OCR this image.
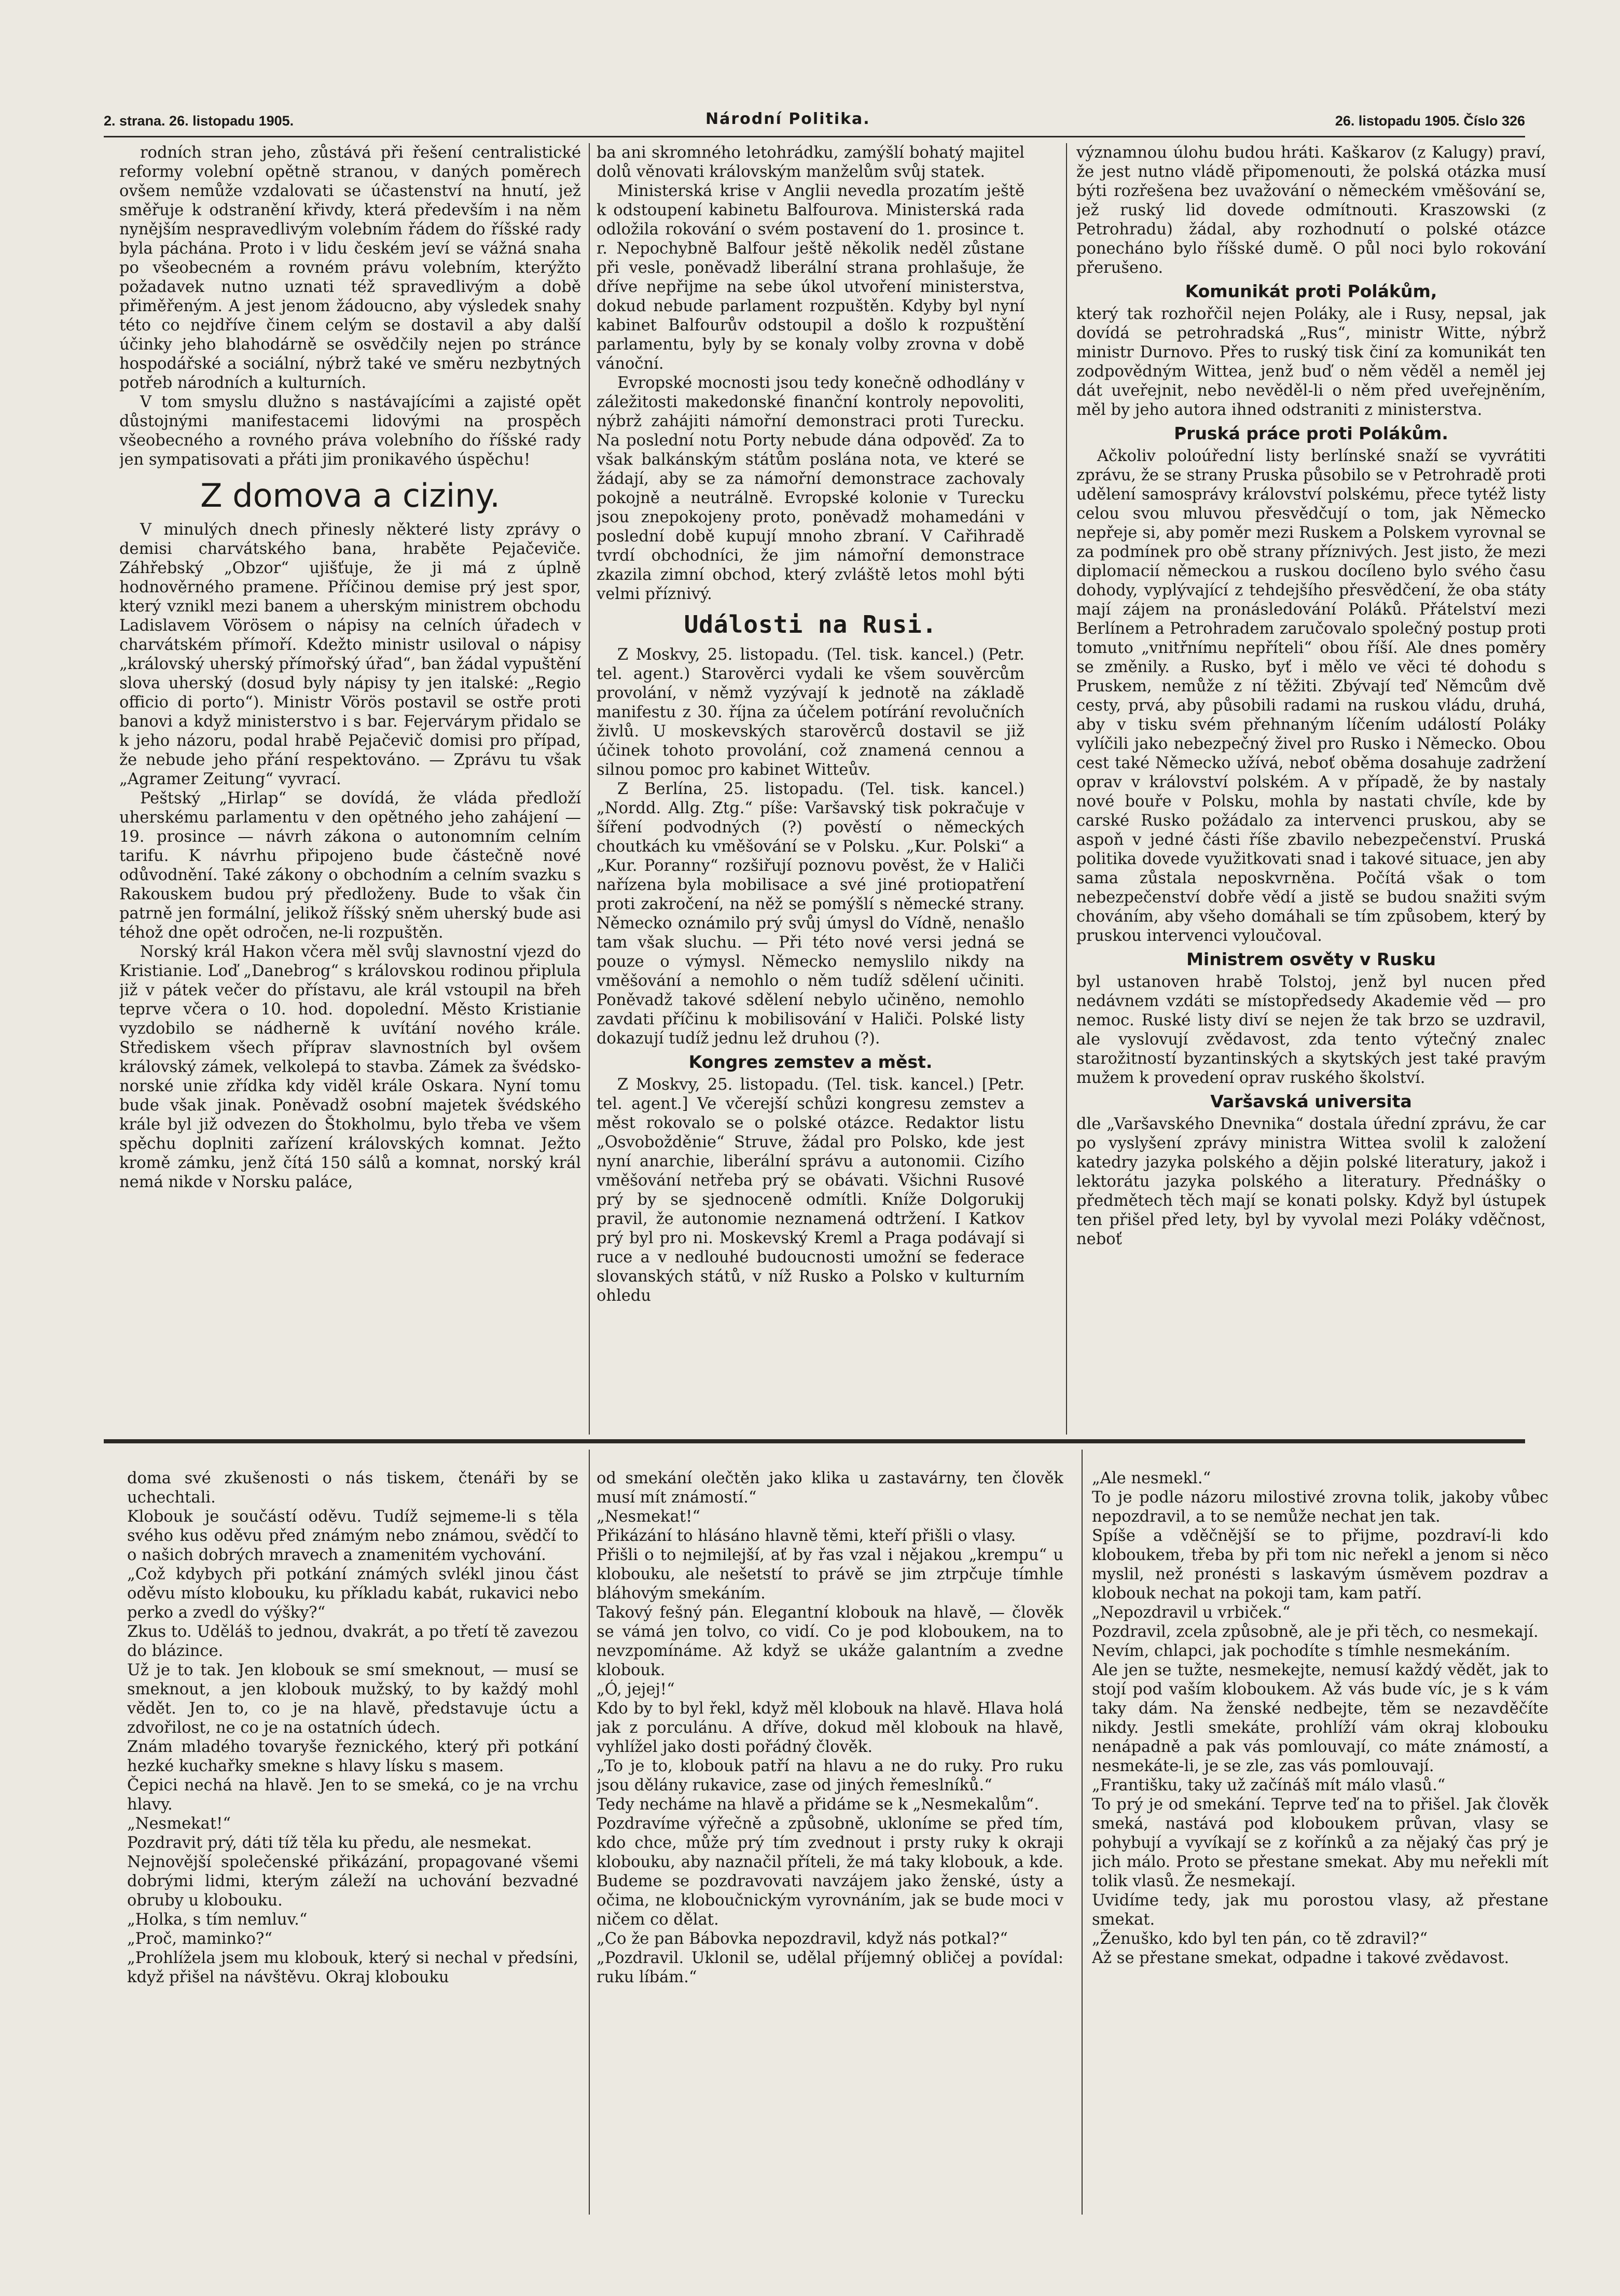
2. strana. 26. listopadu 1905.	Národní Politika.	26. listopadu 1905. Číslo 326

rodních stran jeho, zůstává při řešení centralistické reformy volební opětně stranou, v daných poměrech ovšem nemůže vzdalovati se účastenství na hnutí, jež směřuje k odstranění křivdy, která především i na něm nynějším nespravedlivým volebním řádem do říšské rady byla páchána. Proto i v lidu českém jeví se vážná snaha po všeobecném a rovném právu volebním, kterýžto požadavek nutno uznati též spravedlivým a době přiměřeným. A jest jenom žádoucno, aby výsledek snahy této co nejdříve činem celým se dostavil a aby další účinky jeho blahodárně se osvědčily nejen po stránce hospodářské a sociální, nýbrž také ve směru nezbytných potřeb národních a kulturních.

V tom smyslu dlužno s nastávajícími a zajisté opět důstojnými manifestacemi lidovými na prospěch všeobecného a rovného práva volebního do říšské rady jen sympatisovati a přáti jim pronikavého úspěchu!

Z domova a ciziny.

V minulých dnech přinesly některé listy zprávy o demisi charvátského bana, hraběte Pejačeviče. Záhřebský „Obzor“ ujišťuje, že ji má z úplně hodnověrného pramene. Příčinou demise prý jest spor, který vznikl mezi banem a uherským ministrem obchodu Ladislavem Vörösem o nápisy na celních úřadech v charvátském přímoří. Kdežto ministr usiloval o nápisy „královský uherský přímořský úřad“, ban žádal vypuštění slova uherský (dosud byly nápisy ty jen italské: „Regio officio di porto“). Ministr Vörös postavil se ostře proti banovi a když ministerstvo i s bar. Fejervárym přidalo se k jeho názoru, podal hrabě Pejačevič domisi pro případ, že nebude jeho přání respektováno. — Zprávu tu však „Agramer Zeitung“ vyvrací.

Peštský „Hirlap“ se dovídá, že vláda předloží uherskému parlamentu v den opětného jeho zahájení — 19. prosince — návrh zákona o autonomním celním tarifu. K návrhu připojeno bude částečně nové odůvodnění. Také zákony o obchodním a celním svazku s Rakouskem budou prý předloženy. Bude to však čin patrně jen formální, jelikož říšský sněm uherský bude asi téhož dne opět odročen, ne-li rozpuštěn.

Norský král Hakon včera měl svůj slavnostní vjezd do Kristianie. Loď „Danebrog“ s královskou rodinou připlula již v pátek večer do přístavu, ale král vstoupil na břeh teprve včera o 10. hod. dopolední. Město Kristianie vyzdobilo se nádherně k uvítání nového krále. Střediskem všech příprav slavnostních byl ovšem královský zámek, velkolepá to stavba. Zámek za švédsko-norské unie zřídka kdy viděl krále Oskara. Nyní tomu bude však jinak. Poněvadž osobní majetek švédského krále byl již odvezen do Štokholmu, bylo třeba ve všem spěchu doplniti zařízení královských komnat. Ježto kromě zámku, jenž čítá 150 sálů a komnat, norský král nemá nikde v Norsku paláce,

ba ani skromného letohrádku, zamýšlí bohatý majitel dolů věnovati královským manželům svůj statek.

Ministerská krise v Anglii nevedla prozatím ještě k odstoupení kabinetu Balfourova. Ministerská rada odložila rokování o svém postavení do 1. prosince t. r. Nepochybně Balfour ještě několik neděl zůstane při vesle, poněvadž liberální strana prohlašuje, že dříve nepřijme na sebe úkol utvoření ministerstva, dokud nebude parlament rozpuštěn. Kdyby byl nyní kabinet Balfourův odstoupil a došlo k rozpuštění parlamentu, byly by se konaly volby zrovna v době vánoční.

Evropské mocnosti jsou tedy konečně odhodlány v záležitosti makedonské finanční kontroly nepovoliti, nýbrž zahájiti námořní demonstraci proti Turecku. Na poslední notu Porty nebude dána odpověď. Za to však balkánským státům poslána nota, ve které se žádají, aby se za námořní demonstrace zachovaly pokojně a neutrálně. Evropské kolonie v Turecku jsou znepokojeny proto, poněvadž mohamedáni v poslední době kupují mnoho zbraní. V Cařihradě tvrdí obchodníci, že jim námořní demonstrace zkazila zimní obchod, který zvláště letos mohl býti velmi příznivý.

Události na Rusi.

Z Moskvy, 25. listopadu. (Tel. tisk. kancel.) (Petr. tel. agent.) Starověrci vydali ke všem souvěrcům provolání, v němž vyzývají k jednotě na základě manifestu z 30. října za účelem potírání revolučních živlů. U moskevských starověrců dostavil se již účinek tohoto provolání, což znamená cennou a silnou pomoc pro kabinet Witteův.

Z Berlína, 25. listopadu. (Tel. tisk. kancel.) „Nordd. Allg. Ztg.“ píše: Varšavský tisk pokračuje v šíření podvodných (?) pověstí o německých choutkách ku vměšování se v Polsku. „Kur. Polski“ a „Kur. Poranny“ rozšiřují poznovu pověst, že v Haliči nařízena byla mobilisace a své jiné protiopatření proti zakročení, na něž se pomýšlí s německé strany. Německo oznámilo prý svůj úmysl do Vídně, nenašlo tam však sluchu. — Při této nové versi jedná se pouze o výmysl. Německo nemyslilo nikdy na vměšování a nemohlo o něm tudíž sdělení učiniti. Poněvadž takové sdělení nebylo učiněno, nemohlo zavdati příčinu k mobilisování v Haliči. Polské listy dokazují tudíž jednu lež druhou (?).

Kongres zemstev a měst.

Z Moskvy, 25. listopadu. (Tel. tisk. kancel.) [Petr. tel. agent.] Ve včerejší schůzi kongresu zemstev a měst rokovalo se o polské otázce. Redaktor listu „Osvobožděnie“ Struve, žádal pro Polsko, kde jest nyní anarchie, liberální správu a autonomii. Cizího vměšování netřeba prý se obávati. Všichni Rusové prý by se sjednoceně odmítli. Kníže Dolgorukij pravil, že autonomie neznamená odtržení. I Katkov prý byl pro ni. Moskevský Kreml a Praga podávají si ruce a v nedlouhé budoucnosti umožní se federace slovanských států, v níž Rusko a Polsko v kulturním ohledu

významnou úlohu budou hráti. Kaškarov (z Kalugy) praví, že jest nutno vládě připomenouti, že polská otázka musí býti rozřešena bez uvažování o německém vměšování se, jež ruský lid dovede odmítnouti. Kraszowski (z Petrohradu) žádal, aby rozhodnutí o polské otázce ponecháno bylo říšské dumě. O půl noci bylo rokování přerušeno.

Komunikát proti Polákům,

který tak rozhořčil nejen Poláky, ale i Rusy, nepsal, jak dovídá se petrohradská „Rus“, ministr Witte, nýbrž ministr Durnovo. Přes to ruský tisk činí za komunikát ten zodpovědným Wittea, jenž buď o něm věděl a neměl jej dát uveřejnit, nebo nevěděl-li o něm před uveřejněním, měl by jeho autora ihned odstraniti z ministerstva.

Pruská práce proti Polákům.

Ačkoliv poloúřední listy berlínské snaží se vyvrátiti zprávu, že se strany Pruska působilo se v Petrohradě proti udělení samosprávy království polskému, přece tytéž listy celou svou mluvou přesvědčují o tom, jak Německo nepřeje si, aby poměr mezi Ruskem a Polskem vyrovnal se za podmínek pro obě strany příznivých. Jest jisto, že mezi diplomacií německou a ruskou docíleno bylo svého času dohody, vyplývající z tehdejšího přesvědčení, že oba státy mají zájem na pronásledování Poláků. Přátelství mezi Berlínem a Petrohradem zaručovalo společný postup proti tomuto „vnitřnímu nepříteli“ obou říší. Ale dnes poměry se změnily. a Rusko, byť i mělo ve věci té dohodu s Pruskem, nemůže z ní těžiti. Zbývají teď Němcům dvě cesty, prvá, aby působili radami na ruskou vládu, druhá, aby v tisku svém přehnaným líčením událostí Poláky vylíčili jako nebezpečný živel pro Rusko i Německo. Obou cest také Německo užívá, neboť oběma dosahuje zadržení oprav v království polském. A v případě, že by nastaly nové bouře v Polsku, mohla by nastati chvíle, kde by carské Rusko požádalo za intervenci pruskou, aby se aspoň v jedné části říše zbavilo nebezpečenství. Pruská politika dovede využitkovati snad i takové situace, jen aby sama zůstala neposkvrněna. Počítá však o tom nebezpečenství dobře vědí a jistě se budou snažiti svým chováním, aby všeho domáhali se tím způsobem, který by pruskou intervenci vyloučoval.

Ministrem osvěty v Rusku

byl ustanoven hrabě Tolstoj, jenž byl nucen před nedávnem vzdáti se místopředsedy Akademie věd — pro nemoc. Ruské listy diví se nejen že tak brzo se uzdravil, ale vyslovují zvědavost, zda tento výtečný znalec starožitností byzantinských a skytských jest také pravým mužem k provedení oprav ruského školství.

Varšavská universita

dle „Varšavského Dnevnika“ dostala úřední zprávu, že car po vyslyšení zprávy ministra Wittea svolil k založení katedry jazyka polského a dějin polské literatury, jakož i lektorátu jazyka polského a literatury. Přednášky o předmětech těch mají se konati polsky. Když byl ústupek ten přišel před lety, byl by vyvolal mezi Poláky vděčnost, neboť

doma své zkušenosti o nás tiskem, čtenáři by se uchechtali.
Klobouk je součástí oděvu. Tudíž sejmeme-li s těla svého kus oděvu před známým nebo známou, svědčí to o našich dobrých mravech a znamenitém vychování.
„Což kdybych při potkání známých svlékl jinou část oděvu místo klobouku, ku příkladu kabát, rukavici nebo perko a zvedl do výšky?“
Zkus to. Uděláš to jednou, dvakrát, a po třetí tě zavezou do blázince.
Už je to tak. Jen klobouk se smí smeknout, — musí se smeknout, a jen klobouk mužský, to by každý mohl vědět. Jen to, co je na hlavě, představuje úctu a zdvořilost, ne co je na ostatních údech.
Znám mladého tovaryše řeznického, který při potkání hezké kuchařky smekne s hlavy lísku s masem.
Čepici nechá na hlavě. Jen to se smeká, co je na vrchu hlavy.
„Nesmekat!“
Pozdravit prý, dáti tíž těla ku předu, ale nesmekat.
Nejnovější společenské přikázání, propagované všemi dobrými lidmi, kterým záleží na uchování bezvadné obruby u klobouku.
„Holka, s tím nemluv.“
„Proč, maminko?“
„Prohlížela jsem mu klobouk, který si nechal v předsíni, když přišel na návštěvu. Okraj klobouku

od smekání olečtěn jako klika u zastavárny, ten člověk musí mít známostí.“
„Nesmekat!“
Přikázání to hlásáno hlavně těmi, kteří přišli o vlasy.
Přišli o to nejmilejší, ať by řas vzal i nějakou „krempu“ u klobouku, ale nešetstí to právě se jim ztrpčuje tímhle bláhovým smekáním.
Takový fešný pán. Elegantní klobouk na hlavě, — člověk se vámá jen tolvo, co vidí. Co je pod kloboukem, na to nevzpomínáme. Až když se ukáže galantním a zvedne klobouk.
„Ó, jejej!“
Kdo by to byl řekl, když měl klobouk na hlavě. Hlava holá jak z porculánu. A dříve, dokud měl klobouk na hlavě, vyhlížel jako dosti pořádný člověk.
„To je to, klobouk patří na hlavu a ne do ruky. Pro ruku jsou dělány rukavice, zase od jiných řemeslníků.“
Tedy necháme na hlavě a přidáme se k „Nesmekalům“.
Pozdravíme výřečně a způsobně, ukloníme se před tím, kdo chce, může prý tím zvednout i prsty ruky k okraji klobouku, aby naznačil příteli, že má taky klobouk, a kde. Budeme se pozdravovati navzájem jako ženské, ústy a očima, ne kloboučnickým vyrovnáním, jak se bude moci v ničem co dělat.
„Co že pan Bábovka nepozdravil, když nás potkal?“
„Pozdravil. Uklonil se, udělal příjemný obličej a povídal: ruku líbám.“

„Ale nesmekl.“
To je podle názoru milostivé zrovna tolik, jakoby vůbec nepozdravil, a to se nemůže nechat jen tak.
Spíše a vděčnější se to přijme, pozdraví-li kdo kloboukem, třeba by při tom nic neřekl a jenom si něco myslil, než pronésti s laskavým úsměvem pozdrav a klobouk nechat na pokoji tam, kam patří.
„Nepozdravil u vrbiček.“
Pozdravil, zcela způsobně, ale je při těch, co nesmekají.
Nevím, chlapci, jak pochodíte s tímhle nesmekáním.
Ale jen se tužte, nesmekejte, nemusí každý vědět, jak to stojí pod vaším kloboukem. Až vás bude víc, je s k vám taky dám. Na ženské nedbejte, těm se nezavděčíte nikdy. Jestli smekáte, prohlíží vám okraj klobouku nenápadně a pak vás pomlouvají, co máte známostí, a nesmekáte-li, je se zle, zas vás pomlouvají.
„Františku, taky už začínáš mít málo vlasů.“
To prý je od smekání. Teprve teď na to přišel. Jak člověk smeká, nastává pod kloboukem průvan, vlasy se pohybují a vyvíkají se z kořínků a za nějaký čas prý je jich málo. Proto se přestane smekat. Aby mu neřekli mít tolik vlasů. Že nesmekají.
Uvidíme tedy, jak mu porostou vlasy, až přestane smekat.
„Ženuško, kdo byl ten pán, co tě zdravil?“
Až se přestane smekat, odpadne i takové zvědavost.
